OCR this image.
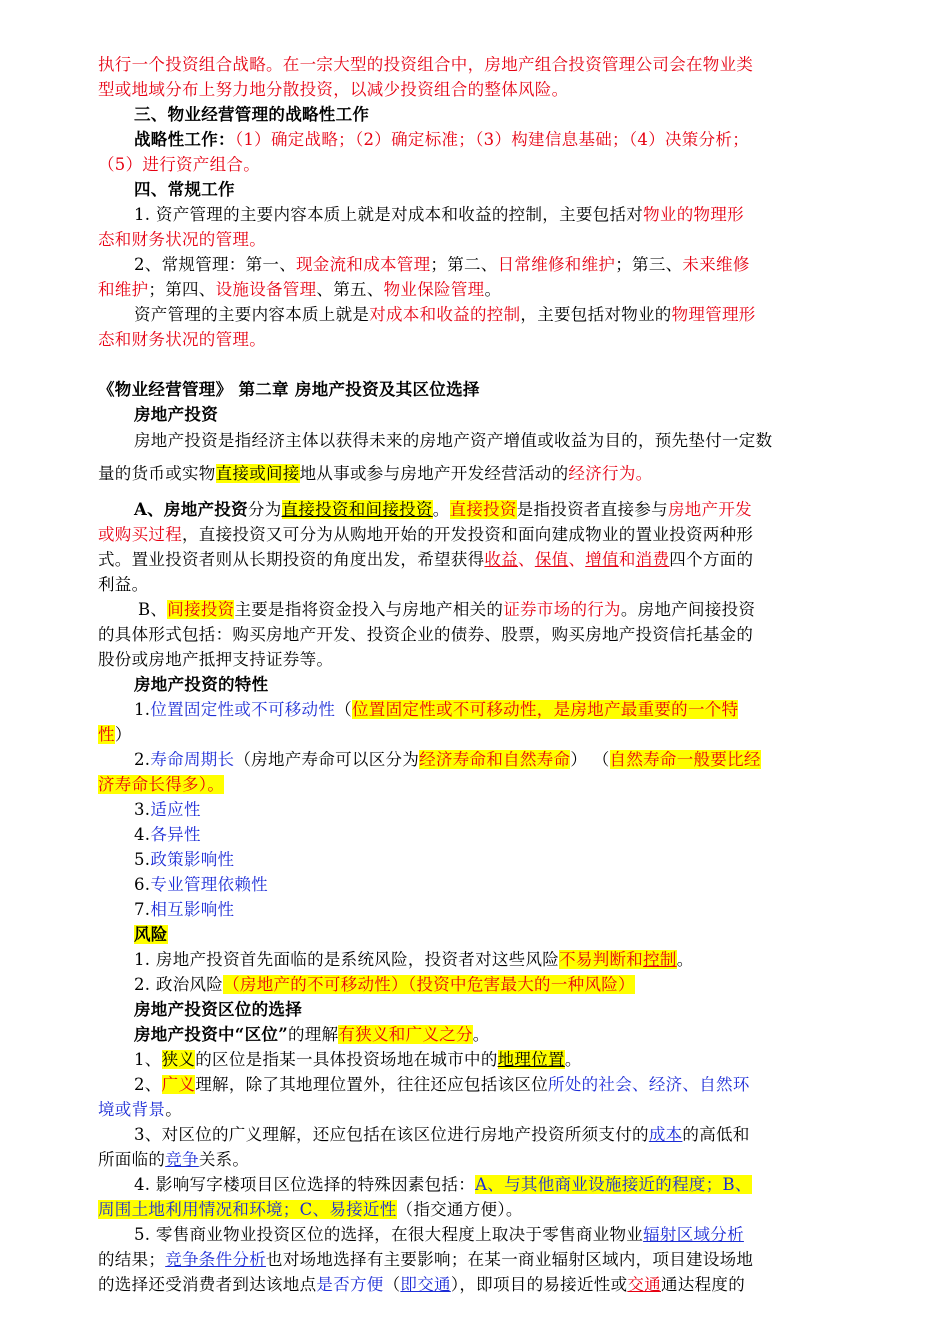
执行一个投资组合战略。在一宗大型的投资组合中，房地产组合投资管理公司会在物业类
型或地域分布上努力地分散投资，以减少投资组合的整体风险。
三、物业经营管理的战略性工作
战略性工作：（1）确定战略；（2）确定标准；（3）构建信息基础；（4）决策分析；
（5）进行资产组合。
四、常规工作
1. 资产管理的主要内容本质上就是对成本和收益的控制，主要包括对物业的物理形
态和财务状况的管理。
2、常规管理：第一、现金流和成本管理；第二、日常维修和维护；第三、未来维修
和维护；第四、设施设备管理、第五、物业保险管理。
资产管理的主要内容本质上就是对成本和收益的控制，主要包括对物业的物理管理形
态和财务状况的管理。
《物业经营管理》 第二章 房地产投资及其区位选择
房地产投资
房地产投资是指经济主体以获得未来的房地产资产增值或收益为目的，预先垫付一定数
量的货币或实物直接或间接地从事或参与房地产开发经营活动的经济行为。
A、房地产投资分为直接投资和间接投资。直接投资是指投资者直接参与房地产开发
或购买过程，直接投资又可分为从购地开始的开发投资和面向建成物业的置业投资两种形
式。置业投资者则从长期投资的角度出发，希望获得收益、保值、增值和消费四个方面的
利益。
B、间接投资主要是指将资金投入与房地产相关的证券市场的行为。房地产间接投资
的具体形式包括：购买房地产开发、投资企业的债券、股票，购买房地产投资信托基金的
股份或房地产抵押支持证券等。
房地产投资的特性
1.位置固定性或不可移动性（位置固定性或不可移动性，是房地产最重要的一个特
性）
2.寿命周期长（房地产寿命可以区分为经济寿命和自然寿命） （自然寿命一般要比经
济寿命长得多）。
3.适应性
4.各异性
5.政策影响性
6.专业管理依赖性
7.相互影响性
风险
1. 房地产投资首先面临的是系统风险，投资者对这些风险不易判断和控制。
2. 政治风险（房地产的不可移动性）（投资中危害最大的一种风险）
房地产投资区位的选择
房地产投资中“区位”的理解有狭义和广义之分。
1、狭义的区位是指某一具体投资场地在城市中的地理位置。
2、广义理解，除了其地理位置外，往往还应包括该区位所处的社会、经济、自然环
境或背景。
3、对区位的广义理解，还应包括在该区位进行房地产投资所须支付的成本的高低和
所面临的竞争关系。
4. 影响写字楼项目区位选择的特殊因素包括：A、与其他商业设施接近的程度；B、
周围土地利用情况和环境；C、易接近性（指交通方便）。
5. 零售商业物业投资区位的选择，在很大程度上取决于零售商业物业辐射区域分析
的结果；竞争条件分析也对场地选择有主要影响；在某一商业辐射区域内，项目建设场地
的选择还受消费者到达该地点是否方便（即交通），即项目的易接近性或交通通达程度的
